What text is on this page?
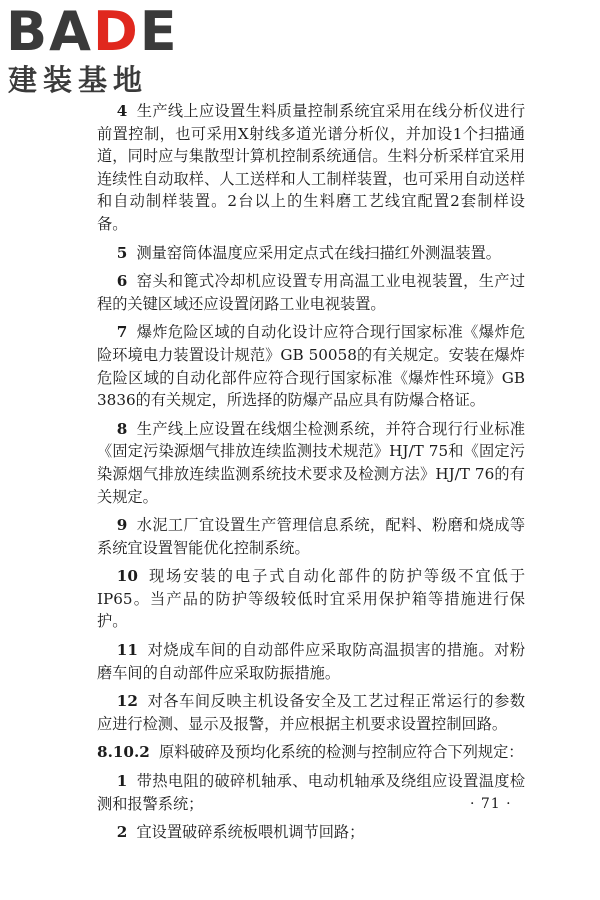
BADE
建装基地

4 生产线上应设置生料质量控制系统宜采用在线分析仪进行前置控制，也可采用X射线多道光谱分析仪，并加设1个扫描通道，同时应与集散型计算机控制系统通信。生料分析采样宜采用连续性自动取样、人工送样和人工制样装置，也可采用自动送样和自动制样装置。2台以上的生料磨工艺线宜配置2套制样设备。

5 测量窑筒体温度应采用定点式在线扫描红外测温装置。

6 窑头和篦式冷却机应设置专用高温工业电视装置，生产过程的关键区域还应设置闭路工业电视装置。

7 爆炸危险区域的自动化设计应符合现行国家标准《爆炸危险环境电力装置设计规范》GB 50058的有关规定。安装在爆炸危险区域的自动化部件应符合现行国家标准《爆炸性环境》GB 3836的有关规定，所选择的防爆产品应具有防爆合格证。

8 生产线上应设置在线烟尘检测系统，并符合现行行业标准《固定污染源烟气排放连续监测技术规范》HJ/T 75和《固定污染源烟气排放连续监测系统技术要求及检测方法》HJ/T 76的有关规定。

9 水泥工厂宜设置生产管理信息系统，配料、粉磨和烧成等系统宜设置智能优化控制系统。

10 现场安装的电子式自动化部件的防护等级不宜低于IP65。当产品的防护等级较低时宜采用保护箱等措施进行保护。

11 对烧成车间的自动部件应采取防高温损害的措施。对粉磨车间的自动部件应采取防振措施。

12 对各车间反映主机设备安全及工艺过程正常运行的参数应进行检测、显示及报警，并应根据主机要求设置控制回路。

8.10.2 原料破碎及预均化系统的检测与控制应符合下列规定：

1 带热电阻的破碎机轴承、电动机轴承及绕组应设置温度检测和报警系统；

2 宜设置破碎系统板喂机调节回路；

· 71 ·
